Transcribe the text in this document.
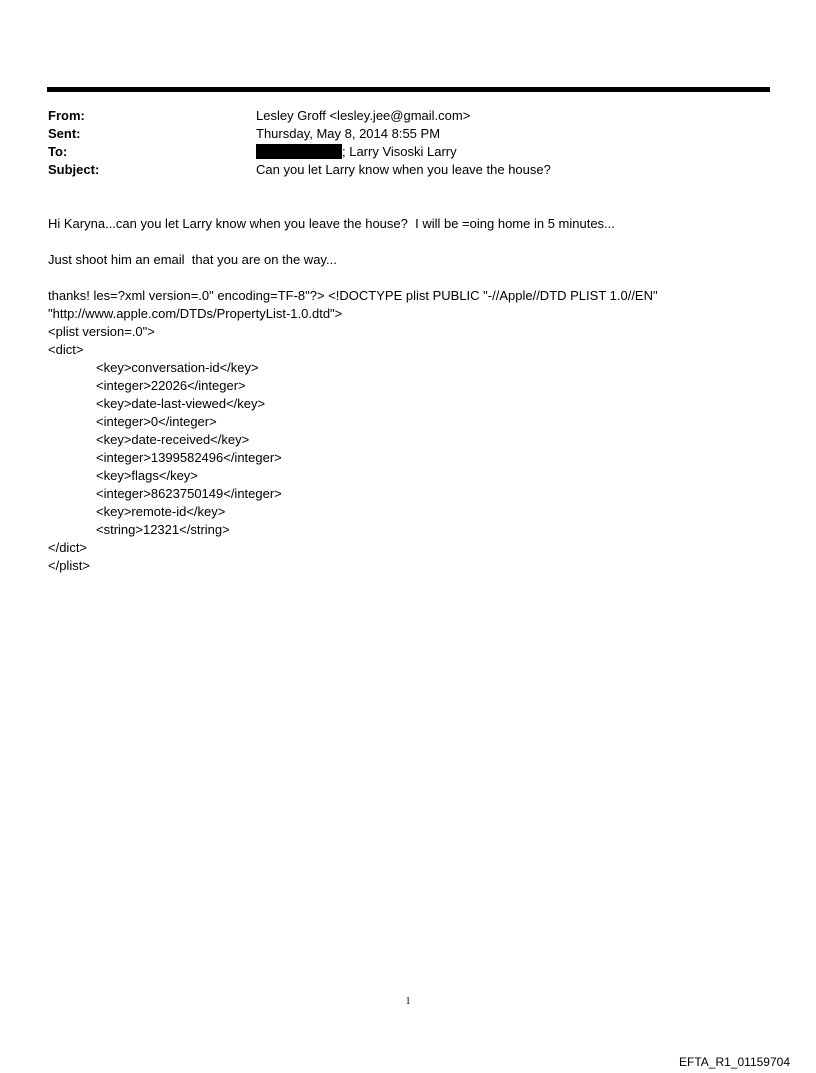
From:	Lesley Groff <lesley.jee@gmail.com>
Sent:	Thursday, May 8, 2014 8:55 PM
To:	; Larry Visoski Larry
Subject:	Can you let Larry know when you leave the house?
Hi Karyna...can you let Larry know when you leave the house?  I will be =oing home in 5 minutes...
Just shoot him an email  that you are on the way...
thanks! les=?xml version=.0" encoding=TF-8"?> <!DOCTYPE plist PUBLIC "-//Apple//DTD PLIST 1.0//EN"
"http://www.apple.com/DTDs/PropertyList-1.0.dtd">
<plist version=.0">
<dict>
<key>conversation-id</key>
<integer>22026</integer>
<key>date-last-viewed</key>
<integer>0</integer>
<key>date-received</key>
<integer>1399582496</integer>
<key>flags</key>
<integer>8623750149</integer>
<key>remote-id</key>
<string>12321</string>
</dict>
</plist>
1
EFTA_R1_01159704
